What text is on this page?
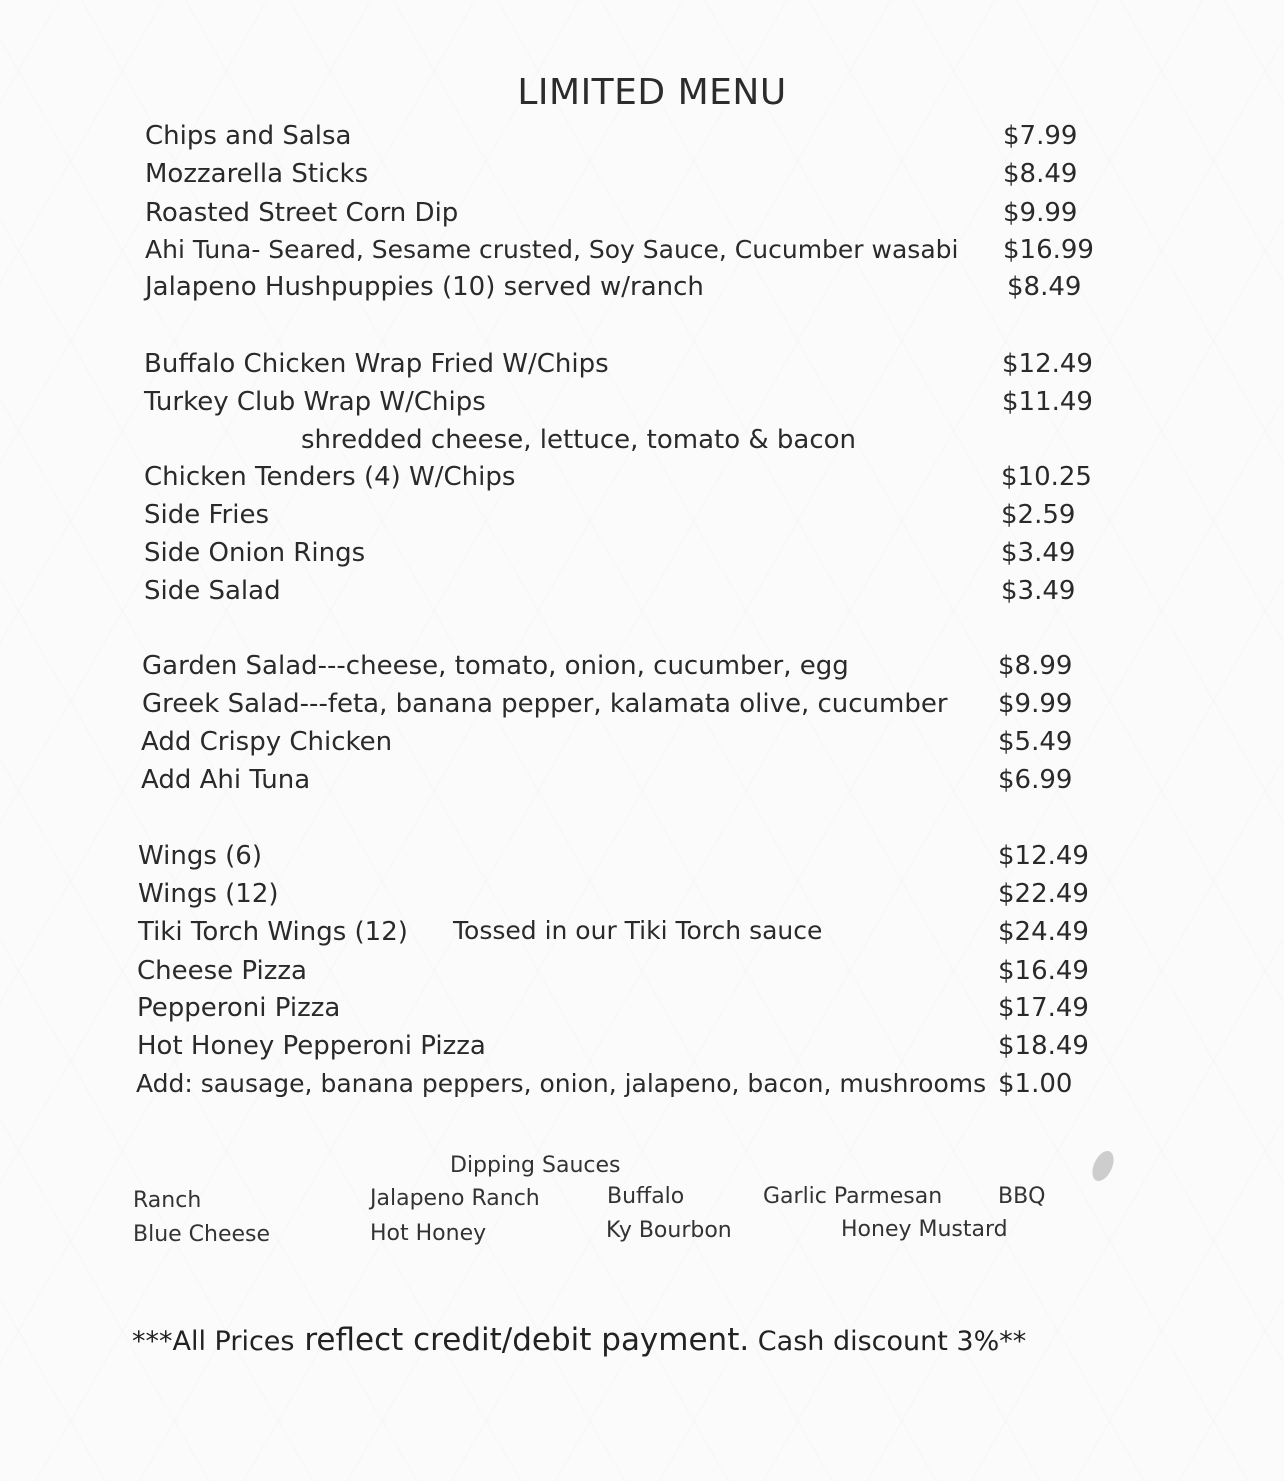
LIMITED MENU
Chips and Salsa	$7.99
Mozzarella Sticks	$8.49
Roasted Street Corn Dip	$9.99
Ahi Tuna- Seared, Sesame crusted, Soy Sauce, Cucumber wasabi $16.99
Jalapeno Hushpuppies (10) served w/ranch	$8.49
Buffalo Chicken Wrap Fried W/Chips	$12.49
Turkey Club Wrap W/Chips	$11.49
shredded cheese, lettuce, tomato & bacon
Chicken Tenders (4) W/Chips	$10.25
Side Fries	$2.59
Side Onion Rings	$3.49
Side Salad	$3.49
Garden Salad---cheese, tomato, onion, cucumber, egg	$8.99
Greek Salad---feta, banana pepper, kalamata olive, cucumber $9.99
Add Crispy Chicken	$5.49
Add Ahi Tuna	$6.99
Wings (6)	$12.49
Wings (12)	$22.49
Tiki Torch Wings (12)	$24.49
Tossed in our Tiki Torch sauce
Cheese Pizza	$16.49
Pepperoni Pizza	$17.49
Hot Honey Pepperoni Pizza	$18.49
Add: sausage, banana peppers, onion, jalapeno, bacon, mushrooms $1.00
Dipping Sauces
Ranch	Jalapeno Ranch	Buffalo	Garlic Parmesan	BBQ
Blue Cheese	Hot Honey	Ky Bourbon	Honey Mustard
***All Prices reflect credit/debit payment. Cash discount 3%**
